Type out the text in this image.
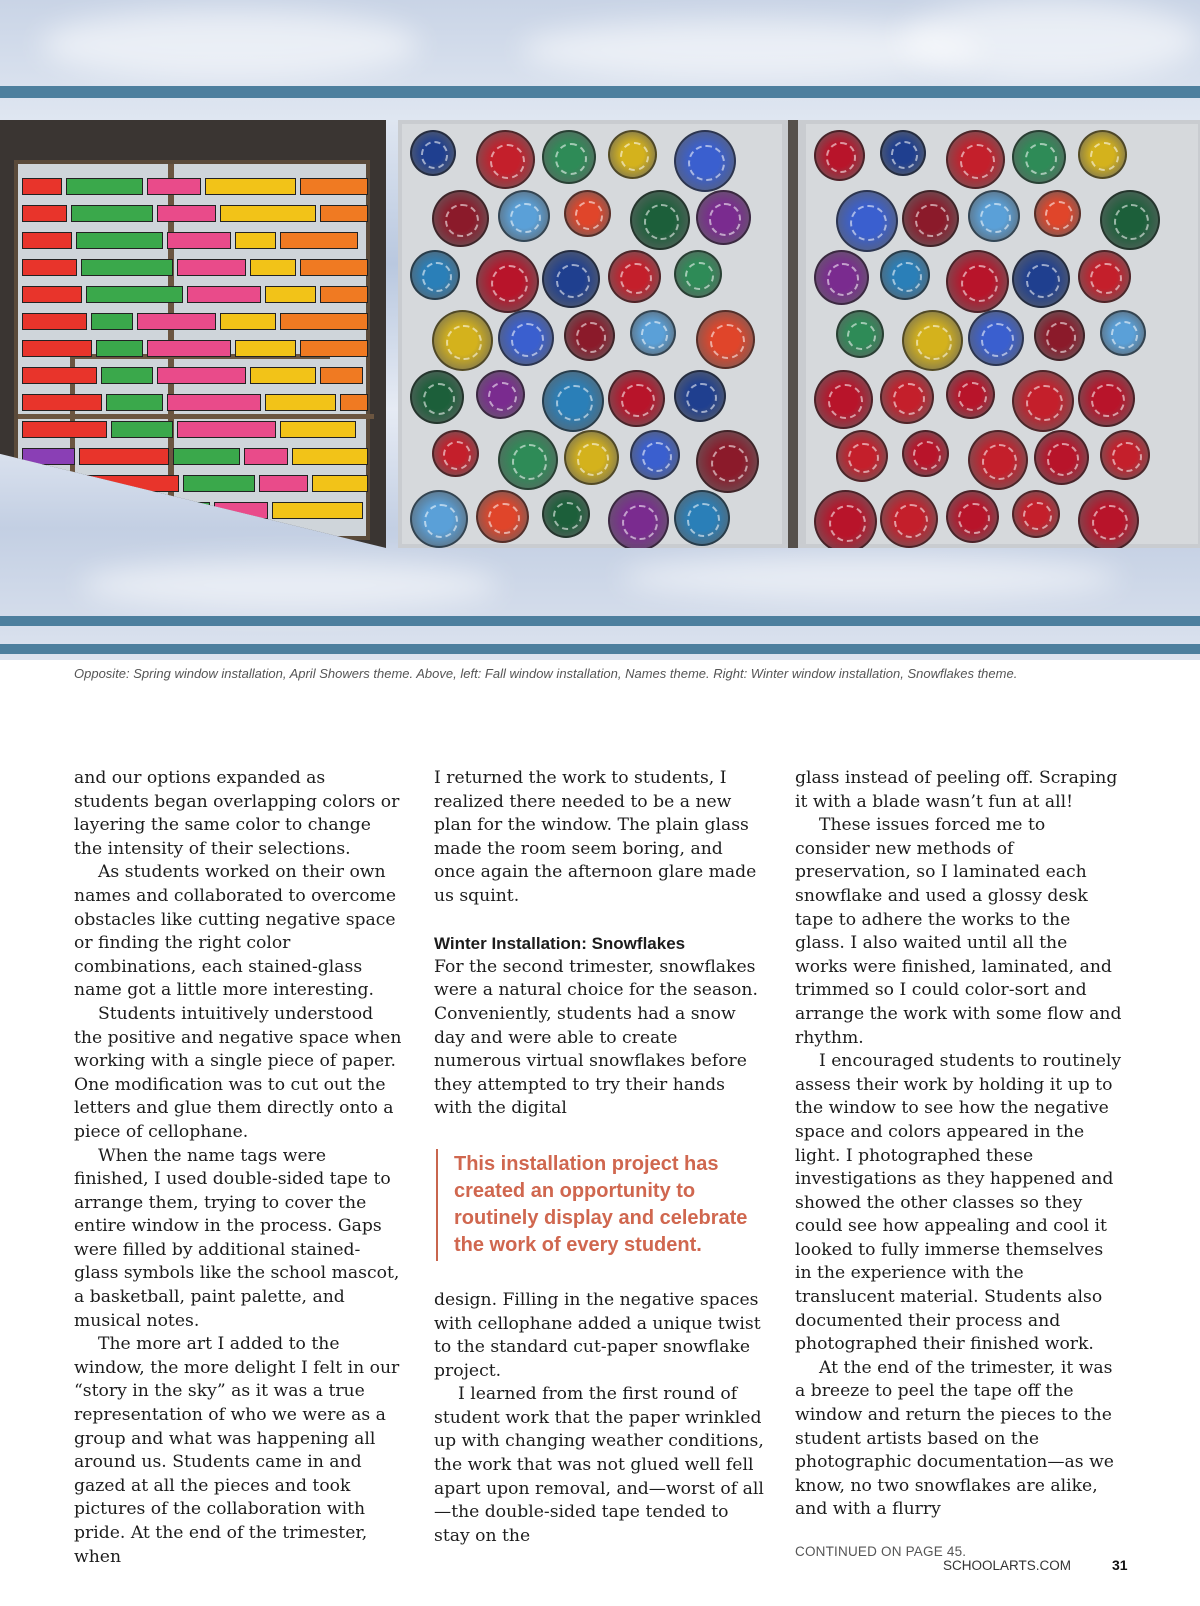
Opposite: Spring window installation, April Showers theme. Above, left: Fall window installation, Names theme. Right: Winter window installation, Snowflakes theme.

and our options expanded as students began overlapping colors or layering the same color to change the intensity of their selections.

As students worked on their own names and collaborated to overcome obstacles like cutting negative space or finding the right color combinations, each stained-glass name got a little more interesting.

Students intuitively understood the positive and negative space when working with a single piece of paper. One modification was to cut out the letters and glue them directly onto a piece of cellophane.

When the name tags were finished, I used double-sided tape to arrange them, trying to cover the entire window in the process. Gaps were filled by additional stained-glass symbols like the school mascot, a basketball, paint palette, and musical notes.

The more art I added to the window, the more delight I felt in our “story in the sky” as it was a true representation of who we were as a group and what was happening all around us. Students came in and gazed at all the pieces and took pictures of the collaboration with pride. At the end of the trimester, when

I returned the work to students, I realized there needed to be a new plan for the window. The plain glass made the room seem boring, and once again the afternoon glare made us squint.

Winter Installation: Snowflakes

For the second trimester, snowflakes were a natural choice for the season. Conveniently, students had a snow day and were able to create numerous virtual snowflakes before they attempted to try their hands with the digital

This installation project has created an opportunity to routinely display and celebrate the work of every student.

design. Filling in the negative spaces with cellophane added a unique twist to the standard cut-paper snowflake project.

I learned from the first round of student work that the paper wrinkled up with changing weather conditions, the work that was not glued well fell apart upon removal, and—worst of all—the double-sided tape tended to stay on the

glass instead of peeling off. Scraping it with a blade wasn’t fun at all!

These issues forced me to consider new methods of preservation, so I laminated each snowflake and used a glossy desk tape to adhere the works to the glass. I also waited until all the works were finished, laminated, and trimmed so I could color-sort and arrange the work with some flow and rhythm.

I encouraged students to routinely assess their work by holding it up to the window to see how the negative space and colors appeared in the light. I photographed these investigations as they happened and showed the other classes so they could see how appealing and cool it looked to fully immerse themselves in the experience with the translucent material. Students also documented their process and photographed their finished work.

At the end of the trimester, it was a breeze to peel the tape off the window and return the pieces to the student artists based on the photographic documentation—as we know, no two snowflakes are alike, and with a flurry

CONTINUED ON PAGE 45.
SCHOOLARTS.COM	31
